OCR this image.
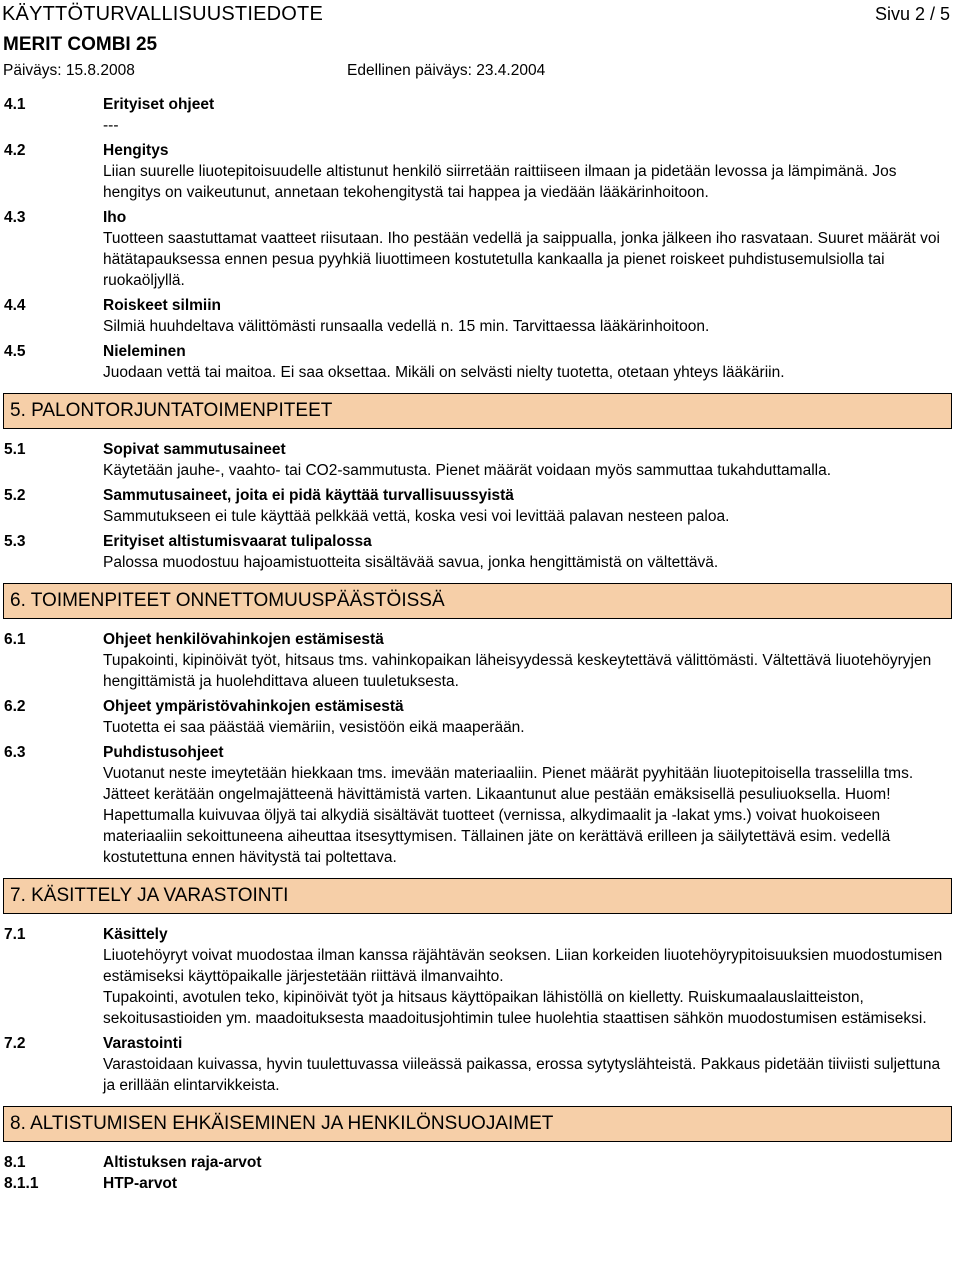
KÄYTTÖTURVALLISUUSTIEDOTE	Sivu 2 / 5
MERIT COMBI 25
Päiväys: 15.8.2008	Edellinen päiväys: 23.4.2004
4.1	Erityiset ohjeet

---

4.2	Hengitys

Liian suurelle liuotepitoisuudelle altistunut henkilö siirretään raittiiseen ilmaan ja pidetään levossa ja lämpimänä. Jos hengitys on vaikeutunut, annetaan tekohengitystä tai happea ja viedään lääkärinhoitoon.

4.3	Iho

Tuotteen saastuttamat vaatteet riisutaan. Iho pestään vedellä ja saippualla, jonka jälkeen iho rasvataan. Suuret määrät voi hätätapauksessa ennen pesua pyyhkiä liuottimeen kostutetulla kankaalla ja pienet roiskeet puhdistusemulsiolla tai ruokaöljyllä.

4.4	Roiskeet silmiin

Silmiä huuhdeltava välittömästi runsaalla vedellä n. 15 min. Tarvittaessa lääkärinhoitoon.

4.5	Nieleminen

Juodaan vettä tai maitoa. Ei saa oksettaa. Mikäli on selvästi nielty tuotetta, otetaan yhteys lääkäriin.

5. PALONTORJUNTATOIMENPITEET
5.1	Sopivat sammutusaineet

Käytetään jauhe-, vaahto- tai CO2-sammutusta. Pienet määrät voidaan myös sammuttaa tukahduttamalla.

5.2	Sammutusaineet, joita ei pidä käyttää turvallisuussyistä

Sammutukseen ei tule käyttää pelkkää vettä, koska vesi voi levittää palavan nesteen paloa.

5.3	Erityiset altistumisvaarat tulipalossa

Palossa muodostuu hajoamistuotteita sisältävää savua, jonka hengittämistä on vältettävä.

6. TOIMENPITEET ONNETTOMUUSPÄÄSTÖISSÄ
6.1	Ohjeet henkilövahinkojen estämisestä

Tupakointi, kipinöivät työt, hitsaus tms. vahinkopaikan läheisyydessä keskeytettävä välittömästi. Vältettävä liuotehöyryjen hengittämistä ja huolehdittava alueen tuuletuksesta.

6.2	Ohjeet ympäristövahinkojen estämisestä

Tuotetta ei saa päästää viemäriin, vesistöön eikä maaperään.

6.3	Puhdistusohjeet

Vuotanut neste imeytetään hiekkaan tms. imevään materiaaliin. Pienet määrät pyyhitään liuotepitoisella trasselilla tms. Jätteet kerätään ongelmajätteenä hävittämistä varten. Likaantunut alue pestään emäksisellä pesuliuoksella. Huom! Hapettumalla kuivuvaa öljyä tai alkydiä sisältävät tuotteet (vernissa, alkydimaalit ja -lakat yms.) voivat huokoiseen materiaaliin sekoittuneena aiheuttaa itsesyttymisen. Tällainen jäte on kerättävä erilleen ja säilytettävä esim. vedellä kostutettuna ennen hävitystä tai poltettava.

7. KÄSITTELY JA VARASTOINTI
7.1	Käsittely

Liuotehöyryt voivat muodostaa ilman kanssa räjähtävän seoksen. Liian korkeiden liuotehöyrypitoisuuksien muodostumisen estämiseksi käyttöpaikalle järjestetään riittävä ilmanvaihto.

Tupakointi, avotulen teko, kipinöivät työt ja hitsaus käyttöpaikan lähistöllä on kielletty. Ruiskumaalauslaitteiston, sekoitusastioiden ym. maadoituksesta maadoitusjohtimin tulee huolehtia staattisen sähkön muodostumisen estämiseksi.

7.2	Varastointi

Varastoidaan kuivassa, hyvin tuulettuvassa viileässä paikassa, erossa sytytyslähteistä. Pakkaus pidetään tiiviisti suljettuna ja erillään elintarvikkeista.

8. ALTISTUMISEN EHKÄISEMINEN JA HENKILÖNSUOJAIMET
8.1	Altistuksen raja-arvot
8.1.1	HTP-arvot
